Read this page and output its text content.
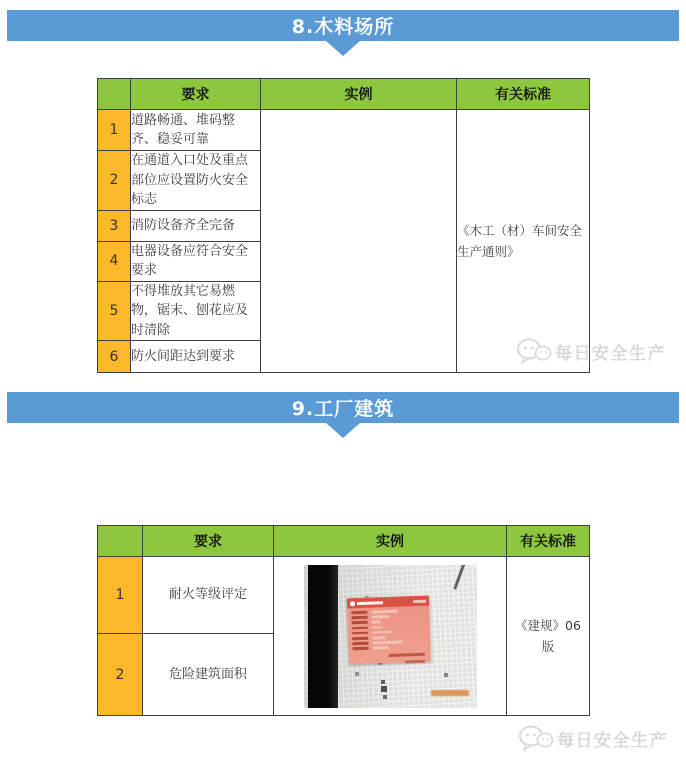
8.木料场所
	要求	实例	有关标准
1	道路畅通、堆码整齐、稳妥可靠		《木工（材）车间安全生产通则》
2	在通道入口处及重点部位应设置防火安全标志		
3	消防设备齐全完备		
4	电器设备应符合安全要求		
5	不得堆放其它易燃物，锯末、刨花应及时清除		
6	防火间距达到要求			每日安全生产
9.工厂建筑
	要求	实例	有关标准
1	耐火等级评定		《建规》06版
2	危险建筑面积		
每日安全生产
